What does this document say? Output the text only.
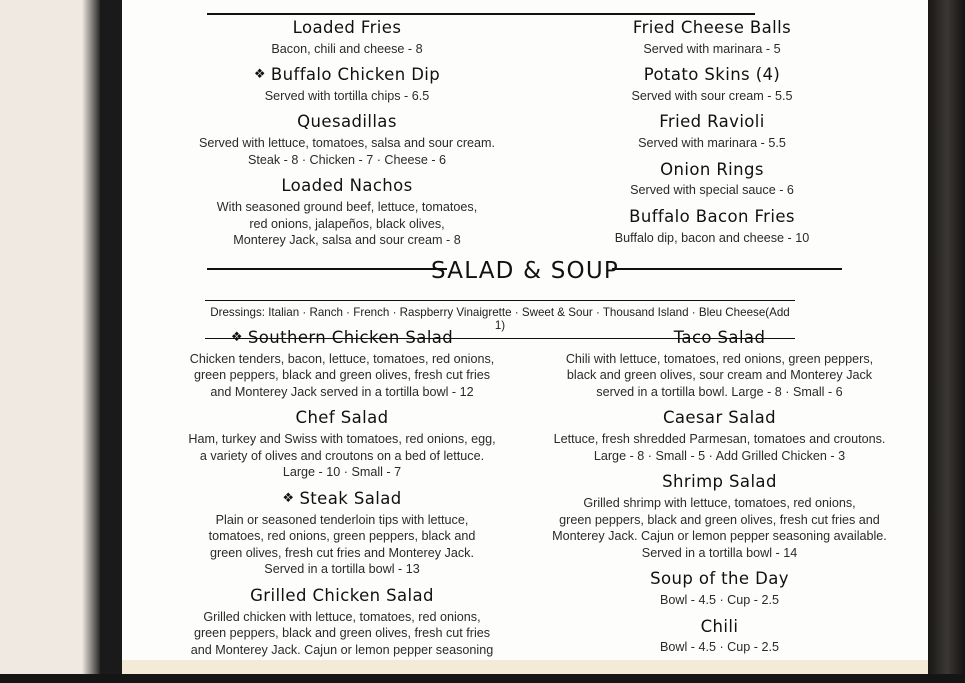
Loaded Fries
Bacon, chili and cheese - 8
❖ Buffalo Chicken Dip
Served with tortilla chips - 6.5
Quesadillas
Served with lettuce, tomatoes, salsa and sour cream.
Steak - 8 · Chicken - 7 · Cheese - 6
Loaded Nachos
With seasoned ground beef, lettuce, tomatoes,
red onions, jalapeños, black olives,
Monterey Jack, salsa and sour cream - 8
Fried Cheese Balls
Served with marinara - 5
Potato Skins (4)
Served with sour cream - 5.5
Fried Ravioli
Served with marinara - 5.5
Onion Rings
Served with special sauce - 6
Buffalo Bacon Fries
Buffalo dip, bacon and cheese - 10
SALAD & SOUP
Dressings: Italian · Ranch · French · Raspberry Vinaigrette · Sweet & Sour · Thousand Island · Bleu Cheese(Add 1)
❖ Southern Chicken Salad
Chicken tenders, bacon, lettuce, tomatoes, red onions,
green peppers, black and green olives, fresh cut fries
and Monterey Jack served in a tortilla bowl - 12
Chef Salad
Ham, turkey and Swiss with tomatoes, red onions, egg,
a variety of olives and croutons on a bed of lettuce.
Large - 10 · Small - 7
❖ Steak Salad
Plain or seasoned tenderloin tips with lettuce,
tomatoes, red onions, green peppers, black and
green olives, fresh cut fries and Monterey Jack.
Served in a tortilla bowl - 13
Grilled Chicken Salad
Grilled chicken with lettuce, tomatoes, red onions,
green peppers, black and green olives, fresh cut fries
and Monterey Jack. Cajun or lemon pepper seasoning

Taco Salad
Chili with lettuce, tomatoes, red onions, green peppers,
black and green olives, sour cream and Monterey Jack
served in a tortilla bowl. Large - 8 · Small - 6
Caesar Salad
Lettuce, fresh shredded Parmesan, tomatoes and croutons.
Large - 8 · Small - 5 · Add Grilled Chicken - 3
Shrimp Salad
Grilled shrimp with lettuce, tomatoes, red onions,
green peppers, black and green olives, fresh cut fries and
Monterey Jack. Cajun or lemon pepper seasoning available.
Served in a tortilla bowl - 14
Soup of the Day
Bowl - 4.5 · Cup - 2.5
Chili
Bowl - 4.5 · Cup - 2.5
